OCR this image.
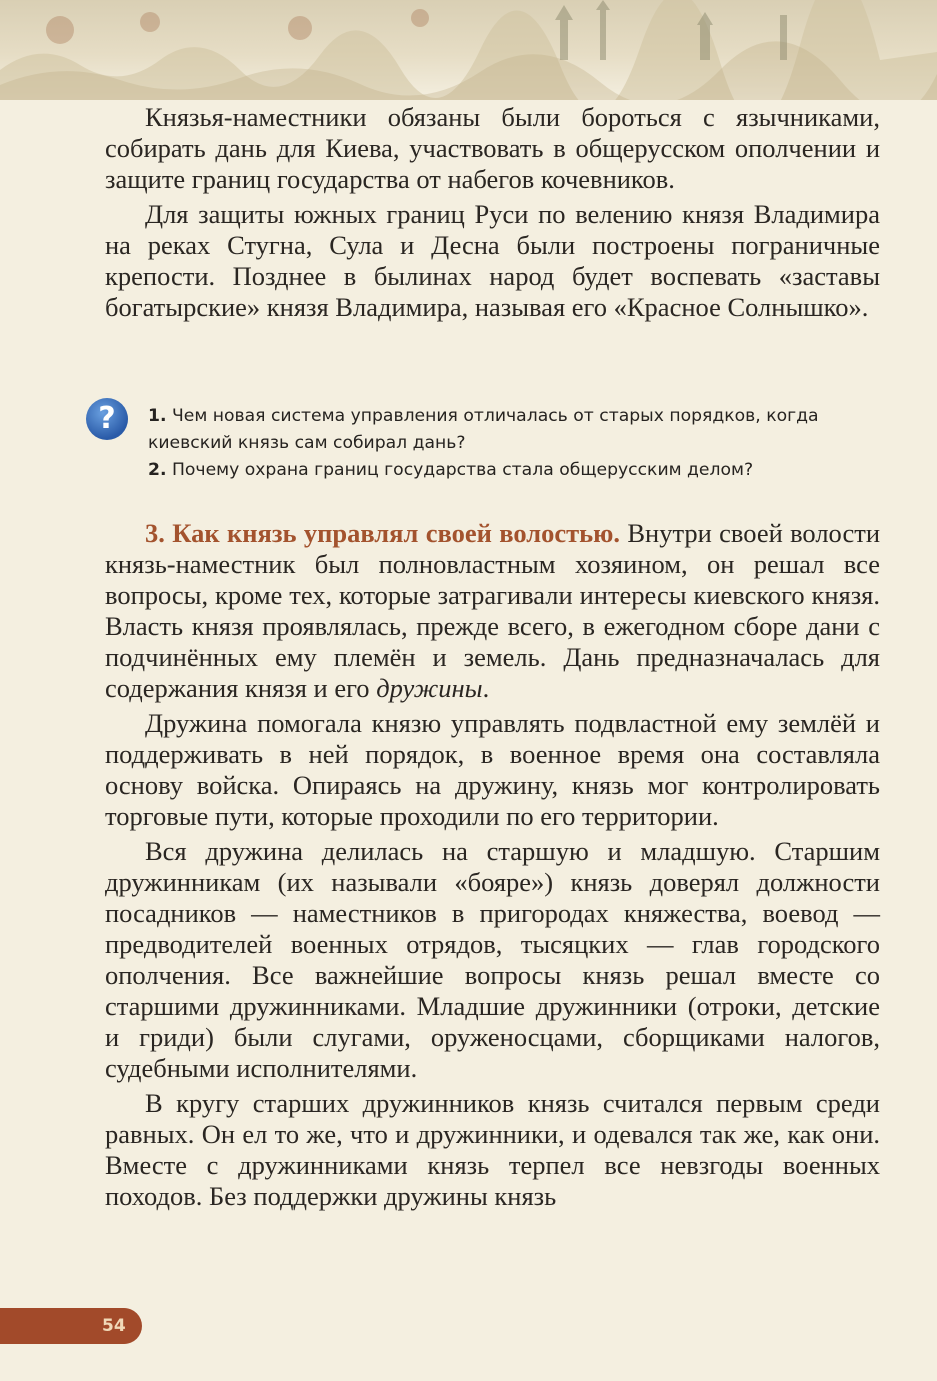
Князья-наместники обязаны были бороться с язычниками, собирать дань для Киева, участвовать в общерусском ополчении и защите границ государства от набегов кочевников.

Для защиты южных границ Руси по велению князя Владимира на реках Стугна, Сула и Десна были построены пограничные крепости. Позднее в былинах народ будет воспевать «заставы богатырские» князя Владимира, называя его «Красное Солнышко».

?	1. Чем новая система управления отличалась от старых порядков, когда киевский князь сам собирал дань?
2. Почему охрана границ государства стала общерусским делом?

3. Как князь управлял своей волостью. Внутри своей волости князь-наместник был полновластным хозяином, он решал все вопросы, кроме тех, которые затрагивали интересы киевского князя. Власть князя проявлялась, прежде всего, в ежегодном сборе дани с подчинённых ему племён и земель. Дань предназначалась для содержания князя и его дружины.

Дружина помогала князю управлять подвластной ему землёй и поддерживать в ней порядок, в военное время она составляла основу войска. Опираясь на дружину, князь мог контролировать торговые пути, которые проходили по его территории.

Вся дружина делилась на старшую и младшую. Старшим дружинникам (их называли «бояре») князь доверял должности посадников — наместников в пригородах княжества, воевод — предводителей военных отрядов, тысяцких — глав городского ополчения. Все важнейшие вопросы князь решал вместе со старшими дружинниками. Младшие дружинники (отроки, детские и гриди) были слугами, оруженосцами, сборщиками налогов, судебными исполнителями.

В кругу старших дружинников князь считался первым среди равных. Он ел то же, что и дружинники, и одевался так же, как они. Вместе с дружинниками князь терпел все невзгоды военных походов. Без поддержки дружины князь

54
